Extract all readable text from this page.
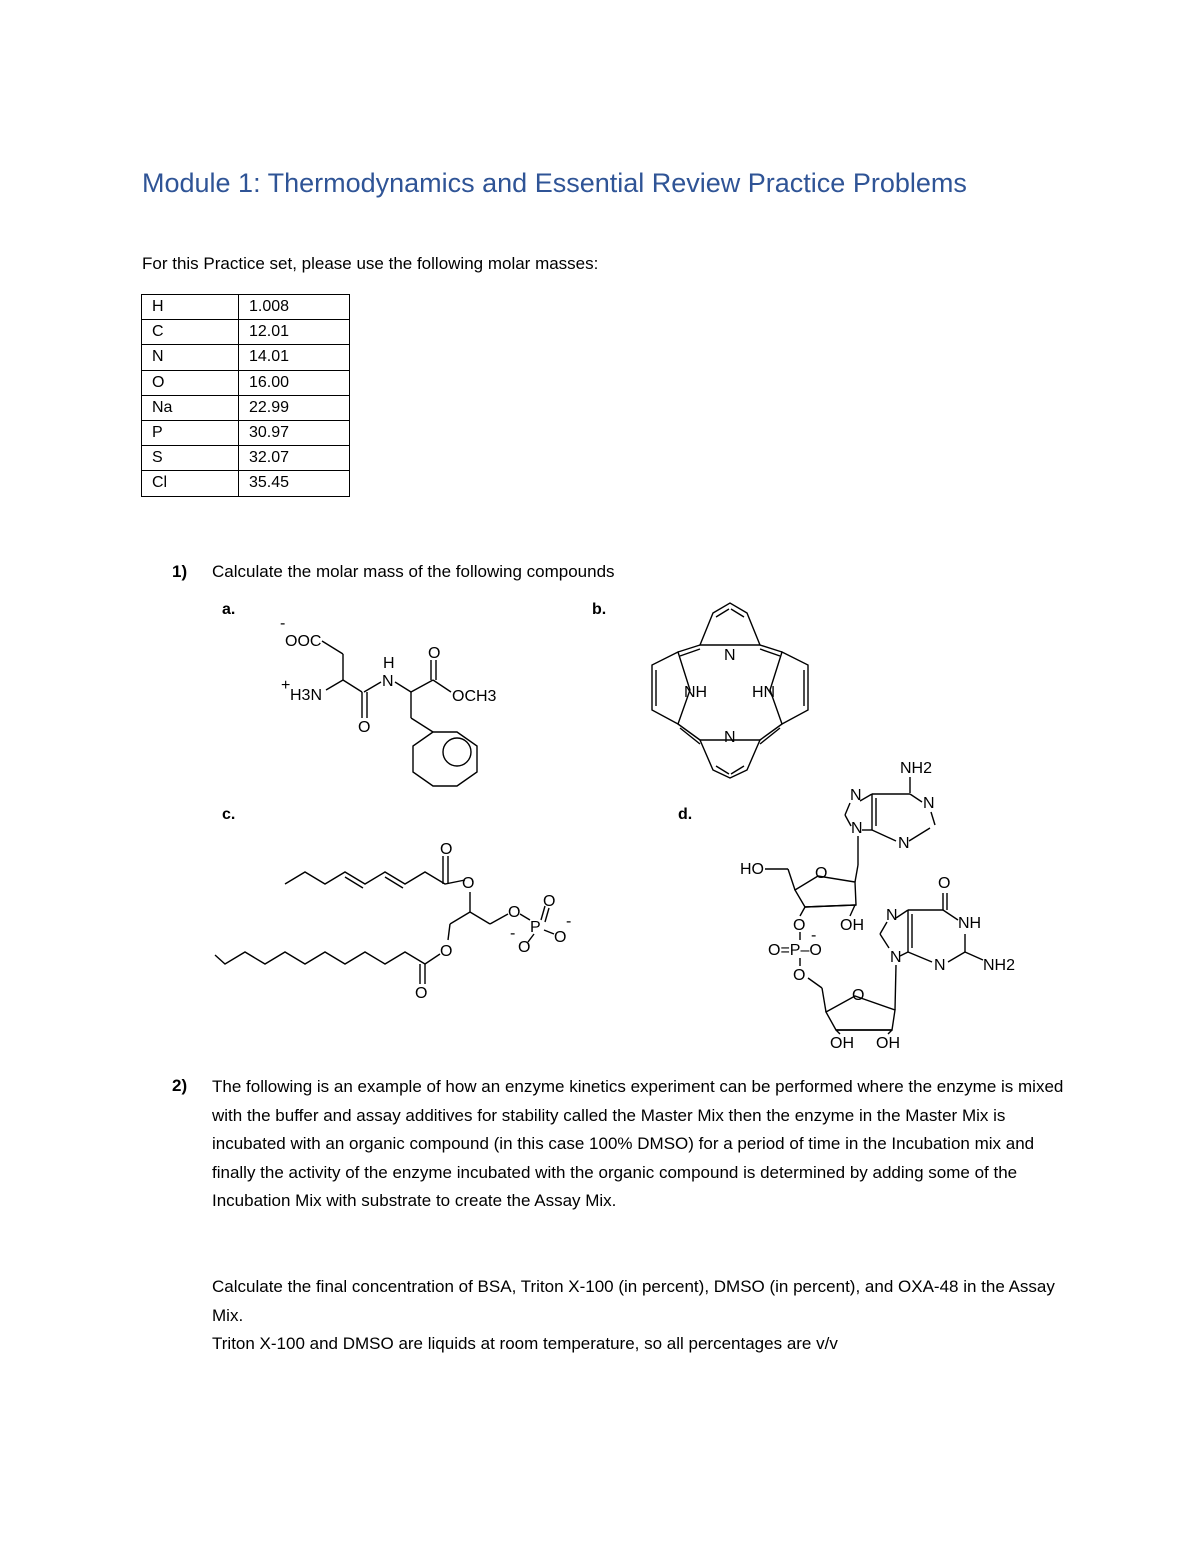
Module 1: Thermodynamics and Essential Review Practice Problems
For this Practice set, please use the following molar masses:
H	1.008
C	12.01
N	14.01
O	16.00
Na	22.99
P	30.97
S	32.07
Cl	35.45
1) Calculate the molar mass of the following compounds
a.	b.
c.	d.
-
OOC
+
H3N
O
H
N
O
OCH3
N
NH	HN
N
O
O
O
P
O
O
-
O
-
O
O
NH2
N	N
N
N
HO	O
O OH
-
O=P–O
O
O
OH OH
O
N	NH
N N NH2
2) The following is an example of how an enzyme kinetics experiment can be performed where the enzyme is mixed with the buffer and assay additives for stability called the Master Mix then the enzyme in the Master Mix is incubated with an organic compound (in this case 100% DMSO) for a period of time in the Incubation mix and finally the activity of the enzyme incubated with the organic compound is determined by adding some of the Incubation Mix with substrate to create the Assay Mix.
Calculate the final concentration of BSA, Triton X-100 (in percent), DMSO (in percent), and OXA-48 in the Assay Mix.
Triton X-100 and DMSO are liquids at room temperature, so all percentages are v/v
